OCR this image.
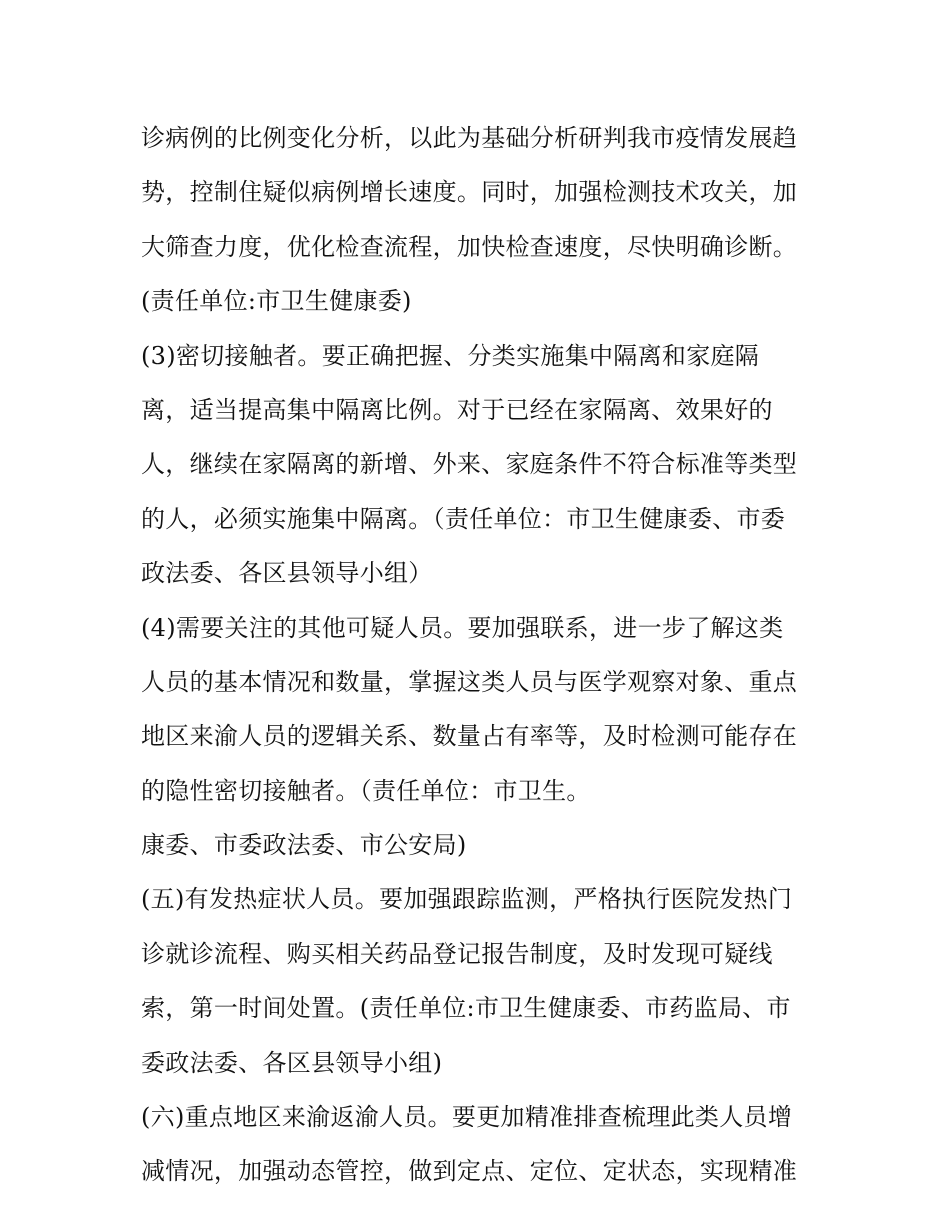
诊病例的比例变化分析，以此为基础分析研判我市疫情发展趋
势，控制住疑似病例增长速度。同时，加强检测技术攻关，加
大筛查力度，优化检查流程，加快检查速度，尽快明确诊断。
(责任单位:市卫生健康委)
(3)密切接触者。要正确把握、分类实施集中隔离和家庭隔
离，适当提高集中隔离比例。对于已经在家隔离、效果好的
人，继续在家隔离的新增、外来、家庭条件不符合标准等类型
的人，必须实施集中隔离。（责任单位：市卫生健康委、市委
政法委、各区县领导小组）
(4)需要关注的其他可疑人员。要加强联系，进一步了解这类
人员的基本情况和数量，掌握这类人员与医学观察对象、重点
地区来渝人员的逻辑关系、数量占有率等，及时检测可能存在
的隐性密切接触者。（责任单位：市卫生。
康委、市委政法委、市公安局)
(五)有发热症状人员。要加强跟踪监测，严格执行医院发热门
诊就诊流程、购买相关药品登记报告制度，及时发现可疑线
索，第一时间处置。(责任单位:市卫生健康委、市药监局、市
委政法委、各区县领导小组)
(六)重点地区来渝返渝人员。要更加精准排查梳理此类人员增
减情况，加强动态管控，做到定点、定位、定状态，实现精准
